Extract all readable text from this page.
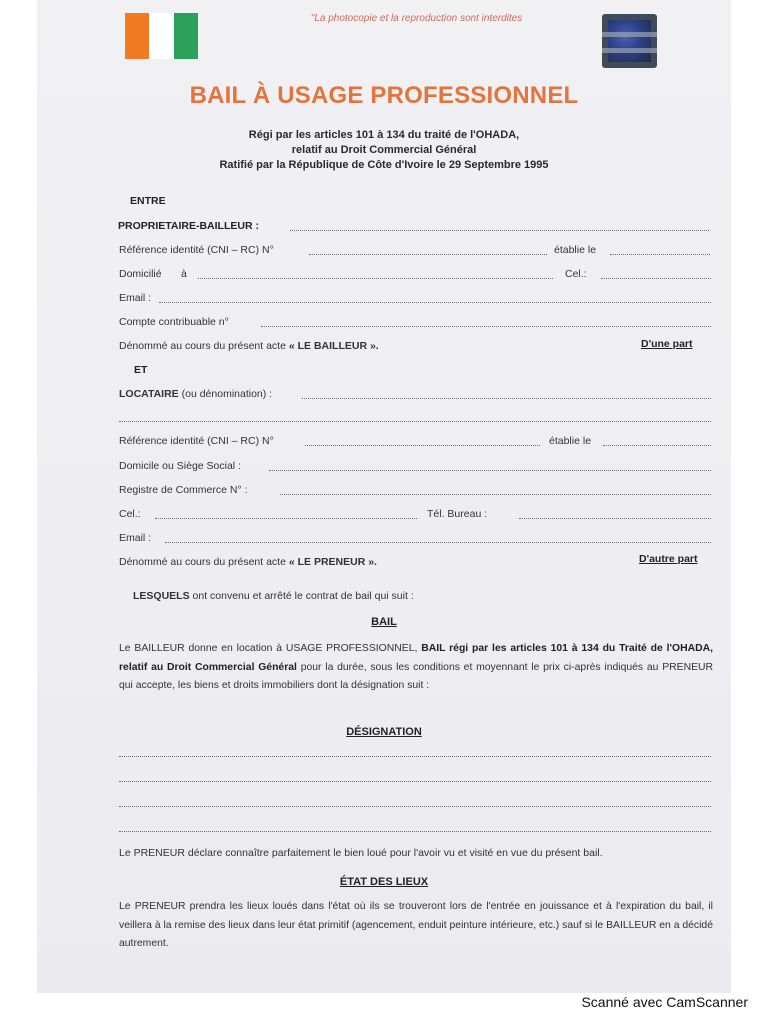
"La photocopie et la reproduction sont interdites
BAIL À USAGE PROFESSIONNEL
Régi par les articles 101 à 134 du traité de l'OHADA,
relatif au Droit Commercial Général
Ratifié par la République de Côte d'Ivoire le 29 Septembre 1995
ENTRE
PROPRIETAIRE-BAILLEUR :
Référence identité (CNI – RC) N°	établie le
Domicilié à	Cel.:
Email :
Compte contribuable n°
Dénommé au cours du présent acte « LE BAILLEUR ».	D'une part
ET
LOCATAIRE (ou dénomination) :
Référence identité (CNI – RC) N°	établie le
Domicile ou Siège Social :
Registre de Commerce N° :
Cel.:	Tél. Bureau :
Email :
Dénommé au cours du présent acte « LE PRENEUR ».	D'autre part
LESQUELS ont convenu et arrêté le contrat de bail qui suit :
BAIL

Le BAILLEUR donne en location à USAGE PROFESSIONNEL, BAIL régi par les articles 101 à 134 du Traité de l'OHADA, relatif au Droit Commercial Général pour la durée, sous les conditions et moyennant le prix ci-après indiqués au PRENEUR qui accepte, les biens et droits immobiliers dont la désignation suit :

DÉSIGNATION
Le PRENEUR déclare connaître parfaitement le bien loué pour l'avoir vu et visité en vue du présent bail.
ÉTAT DES LIEUX

Le PRENEUR prendra les lieux loués dans l'état où ils se trouveront lors de l'entrée en jouissance et à l'expiration du bail, il veillera à la remise des lieux dans leur état primitif (agencement, enduit peinture intérieure, etc.) sauf si le BAILLEUR en a décidé autrement.

Scanné avec CamScanner
